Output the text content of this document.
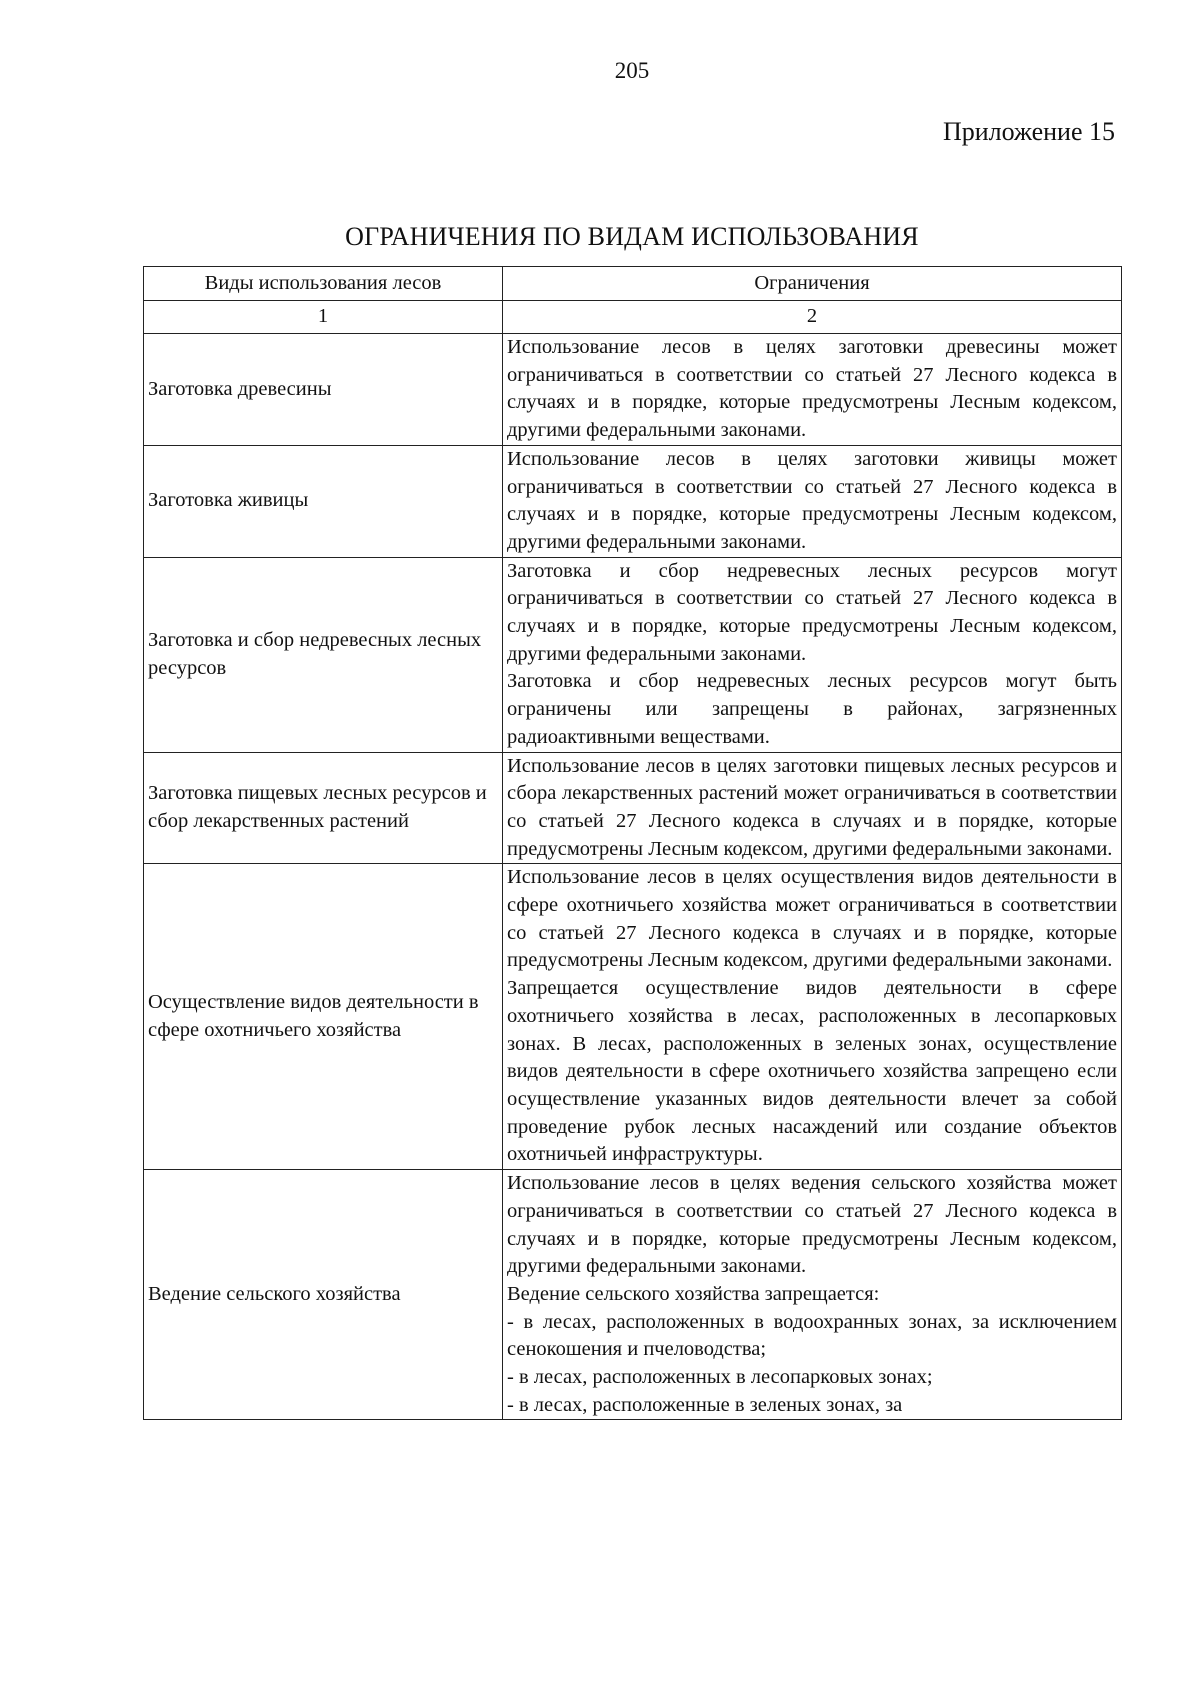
205
Приложение 15
ОГРАНИЧЕНИЯ ПО ВИДАМ ИСПОЛЬЗОВАНИЯ
Виды использования лесов	Ограничения
1	2
Заготовка древесины	Использование лесов в целях заготовки древесины может ограничиваться в соответствии со статьей 27 Лесного кодекса в случаях и в порядке, которые предусмотрены Лесным кодексом, другими федеральными законами.

Заготовка живицы	Использование лесов в целях заготовки живицы может ограничиваться в соответствии со статьей 27 Лесного кодекса в случаях и в порядке, которые предусмотрены Лесным кодексом, другими федеральными законами.

Заготовка и сбор недревесных лесных ресурсов	Заготовка и сбор недревесных лесных ресурсов могут ограничиваться в соответствии со статьей 27 Лесного кодекса в случаях и в порядке, которые предусмотрены Лесным кодексом, другими федеральными законами.

Заготовка и сбор недревесных лесных ресурсов могут быть ограничены или запрещены в районах, загрязненных радиоактивными веществами.

Заготовка пищевых лесных ресурсов и сбор лекарственных растений	Использование лесов в целях заготовки пищевых лесных ресурсов и сбора лекарственных растений может ограничиваться в соответствии со статьей 27 Лесного кодекса в случаях и в порядке, которые предусмотрены Лесным кодексом, другими федеральными законами.

Осуществление видов деятельности в сфере охотничьего хозяйства	Использование лесов в целях осуществления видов деятельности в сфере охотничьего хозяйства может ограничиваться в соответствии со статьей 27 Лесного кодекса в случаях и в порядке, которые предусмотрены Лесным кодексом, другими федеральными законами.

Запрещается осуществление видов деятельности в сфере охотничьего хозяйства в лесах, расположенных в лесопарковых зонах. В лесах, расположенных в зеленых зонах, осуществление видов деятельности в сфере охотничьего хозяйства запрещено если осуществление указанных видов деятельности влечет за собой проведение рубок лесных насаждений или создание объектов охотничьей инфраструктуры.

Ведение сельского хозяйства	Использование лесов в целях ведения сельского хозяйства может ограничиваться в соответствии со статьей 27 Лесного кодекса в случаях и в порядке, которые предусмотрены Лесным кодексом, другими федеральными законами.

Ведение сельского хозяйства запрещается:

- в лесах, расположенных в водоохранных зонах, за исключением сенокошения и пчеловодства;

- в лесах, расположенных в лесопарковых зонах;

- в лесах, расположенные в зеленых зонах, за
